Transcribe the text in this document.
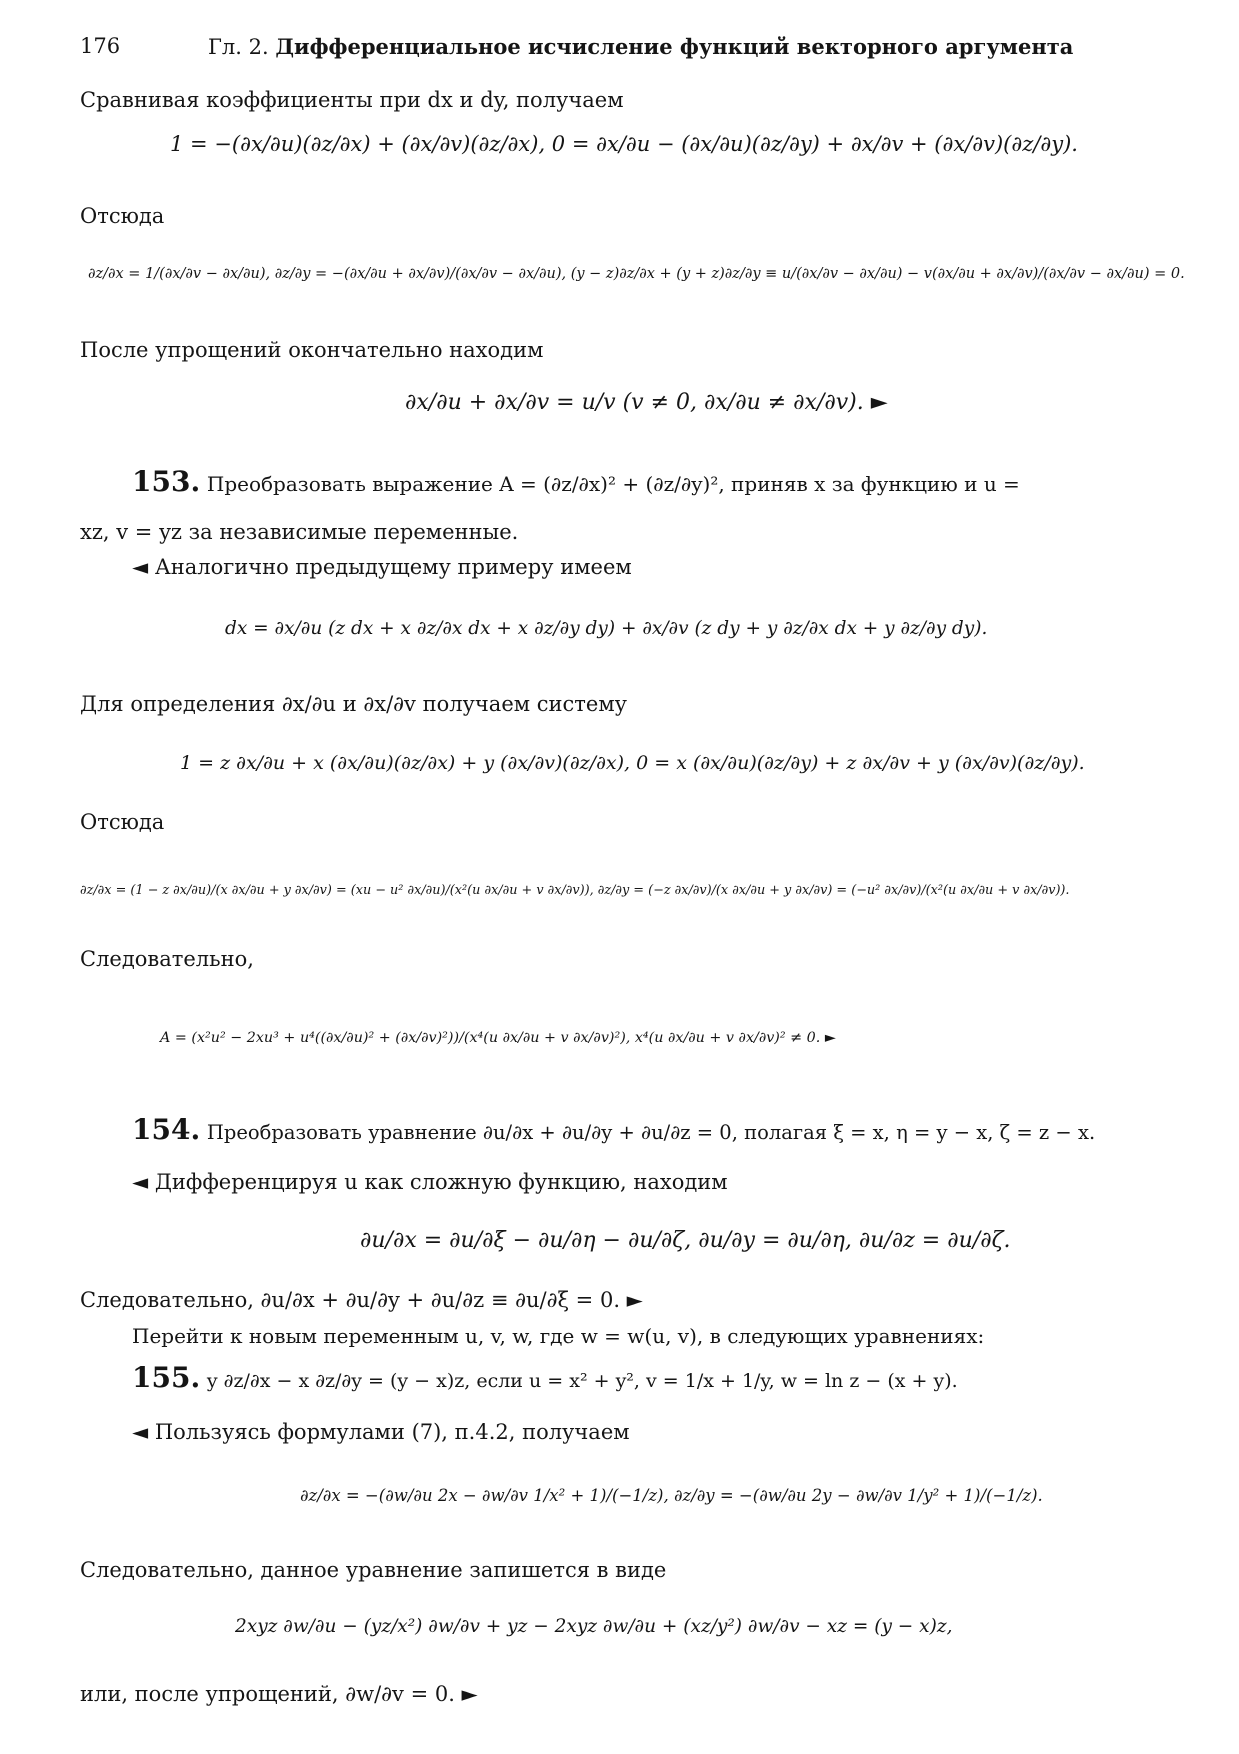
176	Гл. 2. Дифференциальное исчисление функций векторного аргумента
Сравнивая коэффициенты при dx и dy, получаем
1 = −(∂x/∂u)(∂z/∂x) + (∂x/∂v)(∂z/∂x), 0 = ∂x/∂u − (∂x/∂u)(∂z/∂y) + ∂x/∂v + (∂x/∂v)(∂z/∂y).
Отсюда
∂z/∂x = 1/(∂x/∂v − ∂x/∂u), ∂z/∂y = −(∂x/∂u + ∂x/∂v)/(∂x/∂v − ∂x/∂u), (y − z)∂z/∂x + (y + z)∂z/∂y ≡ u/(∂x/∂v − ∂x/∂u) − v(∂x/∂u + ∂x/∂v)/(∂x/∂v − ∂x/∂u) = 0.
После упрощений окончательно находим
∂x/∂u + ∂x/∂v = u/v (v ≠ 0, ∂x/∂u ≠ ∂x/∂v). ►
153. Преобразовать выражение A = (∂z/∂x)² + (∂z/∂y)², приняв x за функцию и u =
xz, v = yz за независимые переменные.
◄ Аналогично предыдущему примеру имеем
dx = ∂x/∂u (z dx + x ∂z/∂x dx + x ∂z/∂y dy) + ∂x/∂v (z dy + y ∂z/∂x dx + y ∂z/∂y dy).
Для определения ∂x/∂u и ∂x/∂v получаем систему
1 = z ∂x/∂u + x (∂x/∂u)(∂z/∂x) + y (∂x/∂v)(∂z/∂x), 0 = x (∂x/∂u)(∂z/∂y) + z ∂x/∂v + y (∂x/∂v)(∂z/∂y).
Отсюда
∂z/∂x = (1 − z ∂x/∂u)/(x ∂x/∂u + y ∂x/∂v) = (xu − u² ∂x/∂u)/(x²(u ∂x/∂u + v ∂x/∂v)), ∂z/∂y = (−z ∂x/∂v)/(x ∂x/∂u + y ∂x/∂v) = (−u² ∂x/∂v)/(x²(u ∂x/∂u + v ∂x/∂v)).
Следовательно,
A = (x²u² − 2xu³ + u⁴((∂x/∂u)² + (∂x/∂v)²))/(x⁴(u ∂x/∂u + v ∂x/∂v)²), x⁴(u ∂x/∂u + v ∂x/∂v)² ≠ 0. ►
154. Преобразовать уравнение ∂u/∂x + ∂u/∂y + ∂u/∂z = 0, полагая ξ = x, η = y − x, ζ = z − x.
◄ Дифференцируя u как сложную функцию, находим
∂u/∂x = ∂u/∂ξ − ∂u/∂η − ∂u/∂ζ, ∂u/∂y = ∂u/∂η, ∂u/∂z = ∂u/∂ζ.
Следовательно, ∂u/∂x + ∂u/∂y + ∂u/∂z ≡ ∂u/∂ξ = 0. ►
Перейти к новым переменным u, v, w, где w = w(u, v), в следующих уравнениях:
155. y ∂z/∂x − x ∂z/∂y = (y − x)z, если u = x² + y², v = 1/x + 1/y, w = ln z − (x + y).
◄ Пользуясь формулами (7), п.4.2, получаем
∂z/∂x = −(∂w/∂u 2x − ∂w/∂v 1/x² + 1)/(−1/z), ∂z/∂y = −(∂w/∂u 2y − ∂w/∂v 1/y² + 1)/(−1/z).
Следовательно, данное уравнение запишется в виде
2xyz ∂w/∂u − (yz/x²) ∂w/∂v + yz − 2xyz ∂w/∂u + (xz/y²) ∂w/∂v − xz = (y − x)z,
или, после упрощений, ∂w/∂v = 0. ►
